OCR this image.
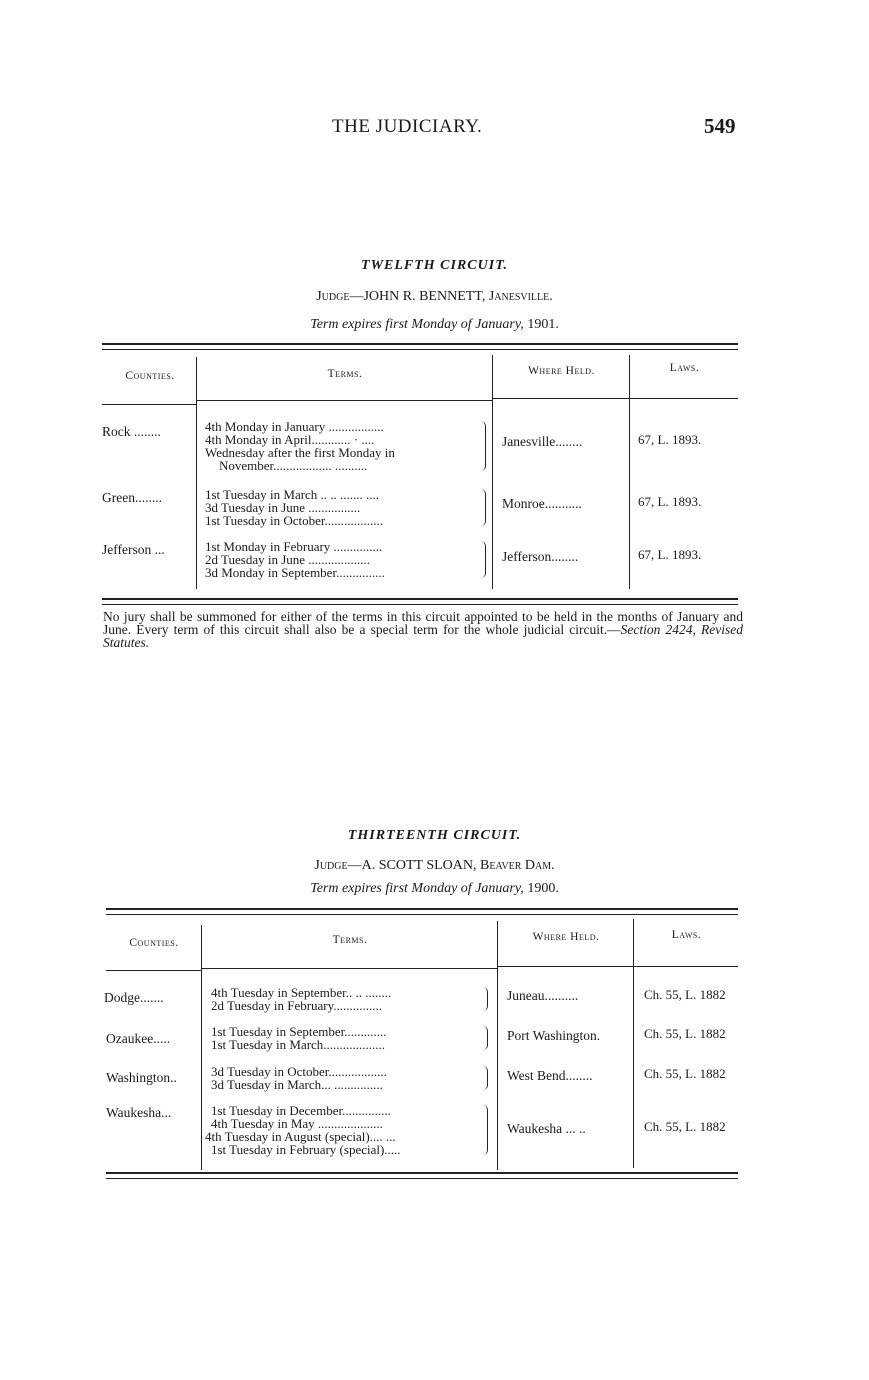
THE JUDICIARY.	549
TWELFTH CIRCUIT.
Judge—JOHN R. BENNETT, Janesville.
Term expires first Monday of January, 1901.
Counties.	Terms.	Where Held.	Laws.
Rock ........	4th Monday in January .................
4th Monday in April............ · ....
Wednesday after the first Monday in
November.................. ..........
Janesville........	67, L. 1893.
Green........	1st Tuesday in March .. .. ....... ....
3d Tuesday in June ................
1st Tuesday in October..................
Monroe...........	67, L. 1893.
Jefferson ...	1st Monday in February ...............
2d Tuesday in June ...................
3d Monday in September...............
Jefferson........	67, L. 1893.
No jury shall be summoned for either of the terms in this circuit appointed to be held in the months of January and June. Every term of this circuit shall also be a special term for the whole judicial circuit.—Section 2424, Revised Statutes.
THIRTEENTH CIRCUIT.
Judge—A. SCOTT SLOAN, Beaver Dam.
Term expires first Monday of January, 1900.
Counties.	Terms.	Where Held.	Laws.
Dodge.......	4th Tuesday in September.. .. ........
2d Tuesday in February...............
Juneau..........	Ch. 55, L. 1882
Ozaukee.....	1st Tuesday in September.............
1st Tuesday in March...................
Port Washington.	Ch. 55, L. 1882
Washington..	3d Tuesday in October..................
3d Tuesday in March... ...............
West Bend........	Ch. 55, L. 1882
Waukesha...	1st Tuesday in December...............
4th Tuesday in May ....................
4th Tuesday in August (special).... ...
1st Tuesday in February (special).....
Waukesha ... ..	Ch. 55, L. 1882
